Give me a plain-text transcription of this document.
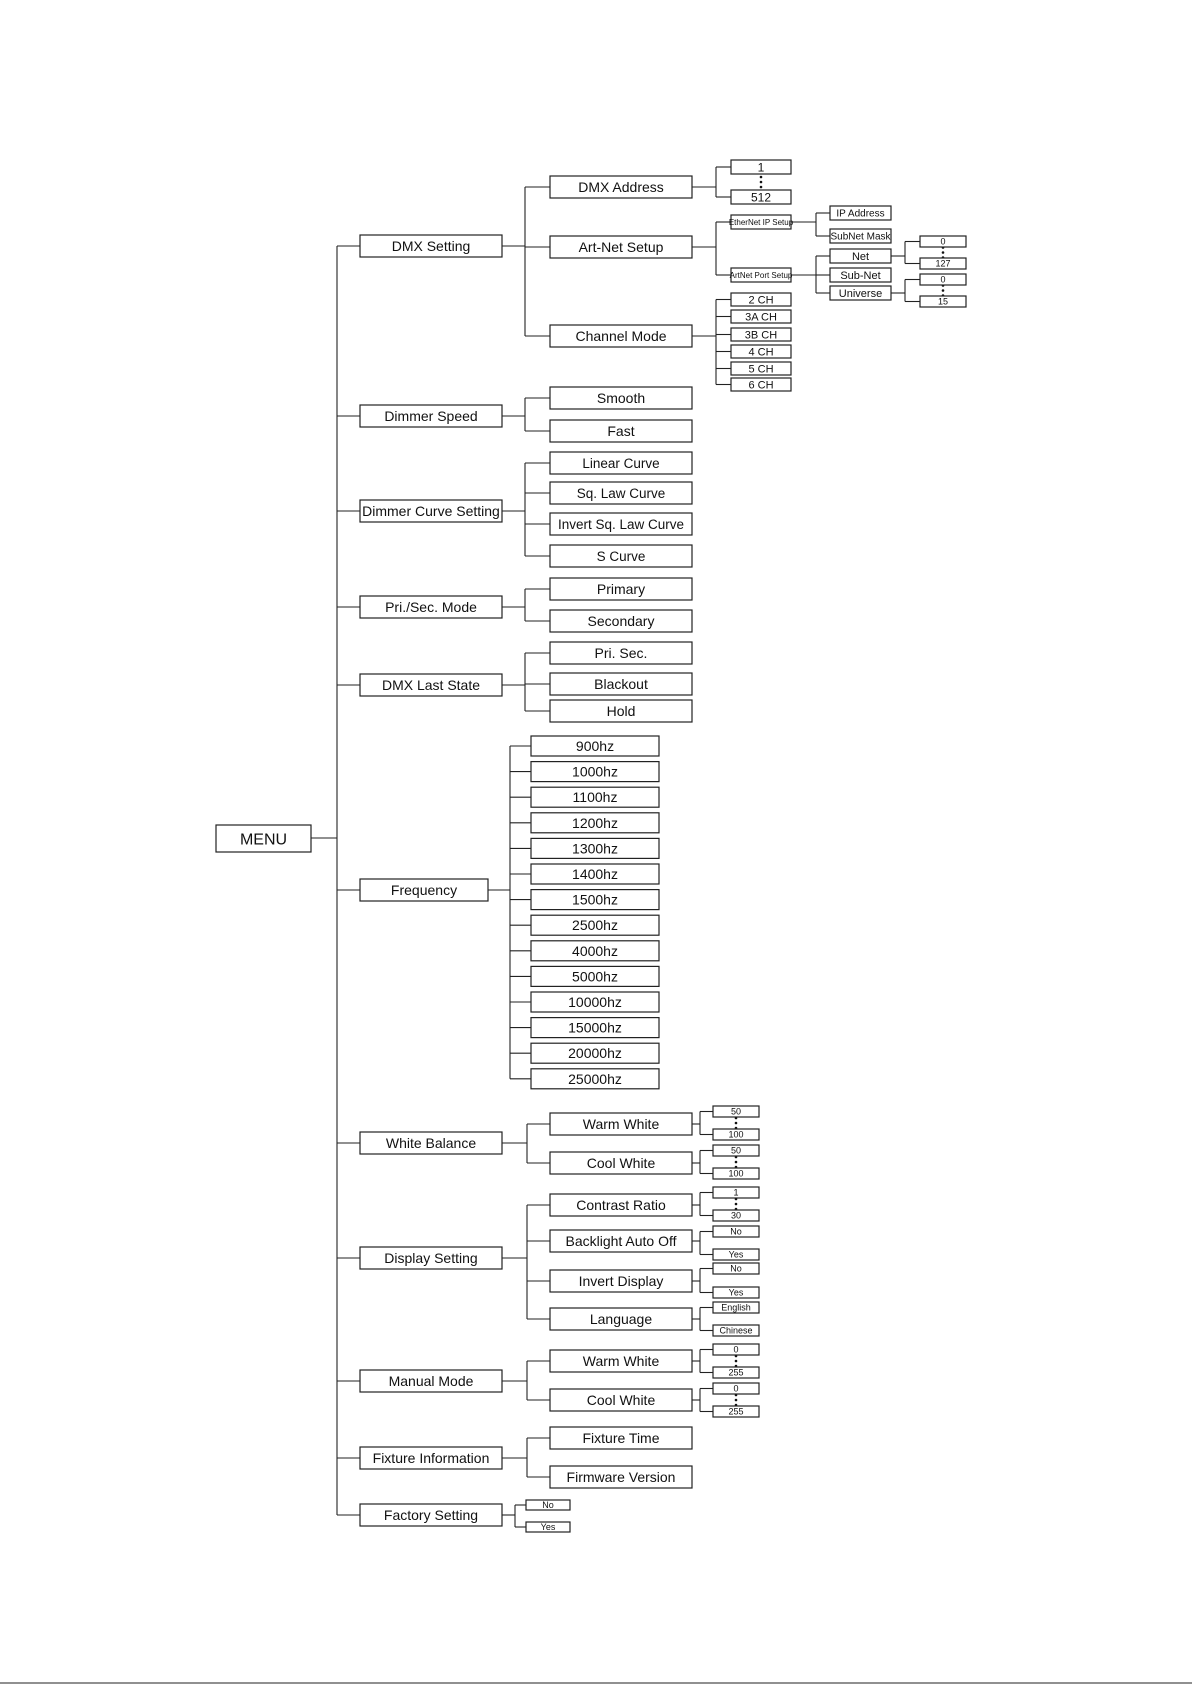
MENU
DMX Setting
Dimmer Speed
Dimmer Curve Setting
Pri./Sec. Mode
DMX Last State
Frequency
White Balance
Display Setting
Manual Mode
Fixture Information
Factory Setting
DMX Address
Art-Net Setup
Channel Mode
1
512
EtherNet IP Setup
ArtNet Port Setup
IP Address
SubNet Mask
Net
Sub-Net
Universe
0
127
0
15
2 CH
3A CH
3B CH
4 CH
5 CH
6 CH
Smooth
Fast
Linear Curve
Sq. Law Curve
Invert Sq. Law Curve
S Curve
Primary
Secondary
Pri. Sec.
Blackout
Hold
900hz
1000hz
1100hz
1200hz
1300hz
1400hz
1500hz
2500hz
4000hz
5000hz
10000hz
15000hz
20000hz
25000hz
Warm White
Cool White
50
100
50
100
Contrast Ratio
Backlight Auto Off
Invert Display
Language
1
30
No
Yes
No
Yes
English
Chinese
Warm White
Cool White
0
255
0
255
Fixture Time
Firmware Version
No
Yes
